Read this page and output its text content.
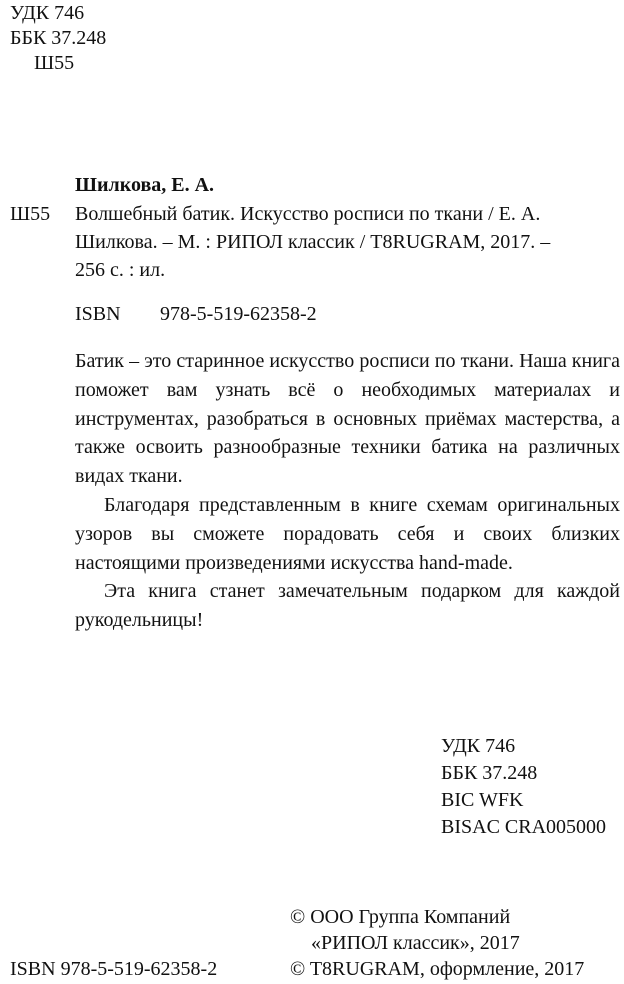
УДК 746
ББК 37.248
Ш55
Шилкова, Е. А.
Ш55 Волшебный батик. Искусство росписи по ткани / Е. А.
Шилкова. – М. : РИПОЛ классик / T8RUGRAM, 2017. –
256 с. : ил.
ISBN 978-5-519-62358-2

Батик – это старинное искусство росписи по ткани. Наша книга поможет вам узнать всё о необходимых материалах и инструментах, разобраться в основных приёмах мастерства, а также освоить разнообразные техники батика на различных видах ткани.

Благодаря представленным в книге схемам оригинальных узоров вы сможете порадовать себя и своих близких настоящими произведениями искусства hand-made.

Эта книга станет замечательным подарком для каждой рукодельницы!

УДК 746
ББК 37.248
BIC WFK
BISAC CRA005000
© ООО Группа Компаний
«РИПОЛ классик», 2017
© T8RUGRAM, оформление, 2017
ISBN 978-5-519-62358-2
